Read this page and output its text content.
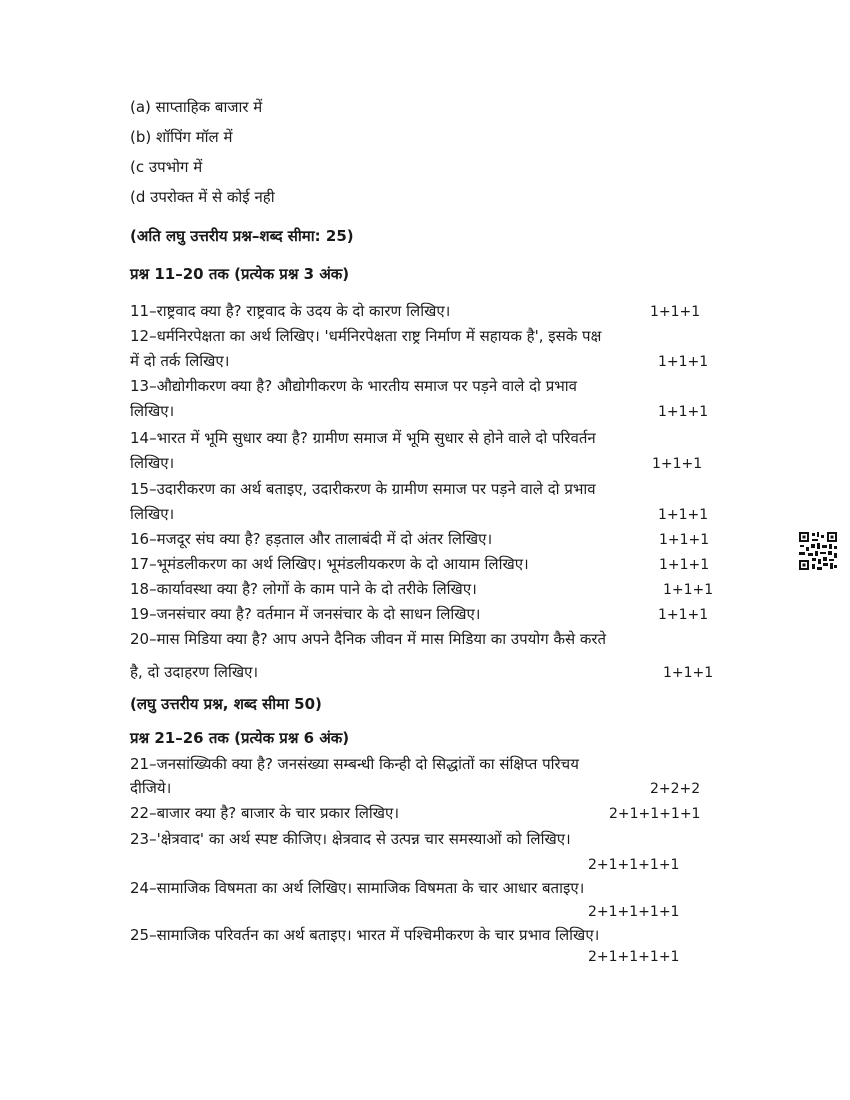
(a) साप्ताहिक बाजार में
(b) शॉपिंग मॉल में
(c उपभोग में
(d उपरोक्त में से कोई नही
(अति लघु उत्तरीय प्रश्न–शब्द सीमा: 25)
प्रश्न 11–20 तक (प्रत्येक प्रश्न 3 अंक)
11–राष्ट्रवाद क्या है? राष्ट्रवाद के उदय के दो कारण लिखिए।	1+1+1
12–धर्मनिरपेक्षता का अर्थ लिखिए। 'धर्मनिरपेक्षता राष्ट्र निर्माण में सहायक है', इसके पक्ष
में दो तर्क लिखिए।	1+1+1
13–औद्योगीकरण क्या है? औद्योगीकरण के भारतीय समाज पर पड़ने वाले दो प्रभाव
लिखिए।	1+1+1
14–भारत में भूमि सुधार क्या है? ग्रामीण समाज में भूमि सुधार से होने वाले दो परिवर्तन
लिखिए।	1+1+1
15–उदारीकरण का अर्थ बताइए, उदारीकरण के ग्रामीण समाज पर पड़ने वाले दो प्रभाव
लिखिए।	1+1+1
16–मजदूर संघ क्या है? हड़ताल और तालाबंदी में दो अंतर लिखिए।	1+1+1
17–भूमंडलीकरण का अर्थ लिखिए। भूमंडलीयकरण के दो आयाम लिखिए।	1+1+1
18–कार्यावस्था क्या है? लोगों के काम पाने के दो तरीके लिखिए।	1+1+1
19–जनसंचार क्या है? वर्तमान में जनसंचार के दो साधन लिखिए।	1+1+1
20–मास मिडिया क्या है? आप अपने दैनिक जीवन में मास मिडिया का उपयोग कैसे करते
है, दो उदाहरण लिखिए।	1+1+1
(लघु उत्तरीय प्रश्न, शब्द सीमा 50)
प्रश्न 21–26 तक (प्रत्येक प्रश्न 6 अंक)
21–जनसांख्यिकी क्या है? जनसंख्या सम्बन्धी किन्ही दो सिद्धांतों का संक्षिप्त परिचय
दीजिये।	2+2+2
22–बाजार क्या है? बाजार के चार प्रकार लिखिए।	2+1+1+1+1
23–'क्षेत्रवाद' का अर्थ स्पष्ट कीजिए। क्षेत्रवाद से उत्पन्न चार समस्याओं को लिखिए।
2+1+1+1+1
24–सामाजिक विषमता का अर्थ लिखिए। सामाजिक विषमता के चार आधार बताइए।
2+1+1+1+1
25–सामाजिक परिवर्तन का अर्थ बताइए। भारत में पश्चिमीकरण के चार प्रभाव लिखिए।
2+1+1+1+1
